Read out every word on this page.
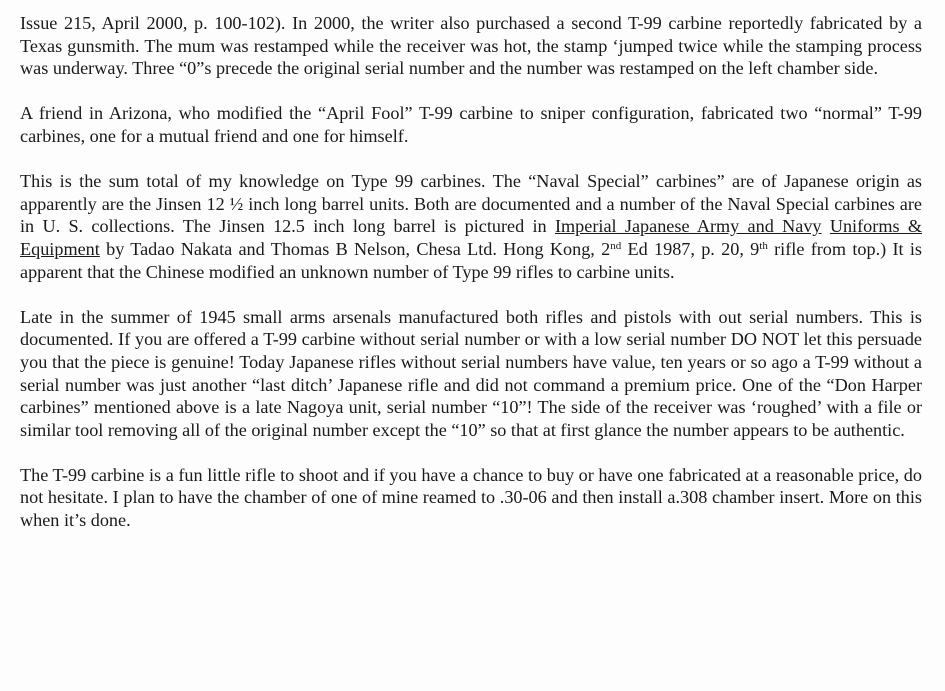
Issue 215, April 2000, p. 100-102). In 2000, the writer also purchased a second T-99 carbine reportedly fabricated by a Texas gunsmith. The mum was restamped while the receiver was hot, the stamp ‘jumped twice while the stamping process was underway. Three “0”s precede the original serial number and the number was restamped on the left chamber side.

A friend in Arizona, who modified the “April Fool” T-99 carbine to sniper configuration, fabricated two “normal” T-99 carbines, one for a mutual friend and one for himself.

This is the sum total of my knowledge on Type 99 carbines. The “Naval Special” carbines” are of Japanese origin as apparently are the Jinsen 12 ½ inch long barrel units. Both are documented and a number of the Naval Special carbines are in U. S. collections. The Jinsen 12.5 inch long barrel is pictured in Imperial Japanese Army and Navy Uniforms & Equipment by Tadao Nakata and Thomas B Nelson, Chesa Ltd. Hong Kong, 2nd Ed 1987, p. 20, 9th rifle from top.) It is apparent that the Chinese modified an unknown number of Type 99 rifles to carbine units.

Late in the summer of 1945 small arms arsenals manufactured both rifles and pistols with out serial numbers. This is documented. If you are offered a T-99 carbine without serial number or with a low serial number DO NOT let this persuade you that the piece is genuine! Today Japanese rifles without serial numbers have value, ten years or so ago a T-99 without a serial number was just another “last ditch’ Japanese rifle and did not command a premium price. One of the “Don Harper carbines” mentioned above is a late Nagoya unit, serial number “10”! The side of the receiver was ‘roughed’ with a file or similar tool removing all of the original number except the “10” so that at first glance the number appears to be authentic.

The T-99 carbine is a fun little rifle to shoot and if you have a chance to buy or have one fabricated at a reasonable price, do not hesitate. I plan to have the chamber of one of mine reamed to .30-06 and then install a.308 chamber insert. More on this when it’s done.
